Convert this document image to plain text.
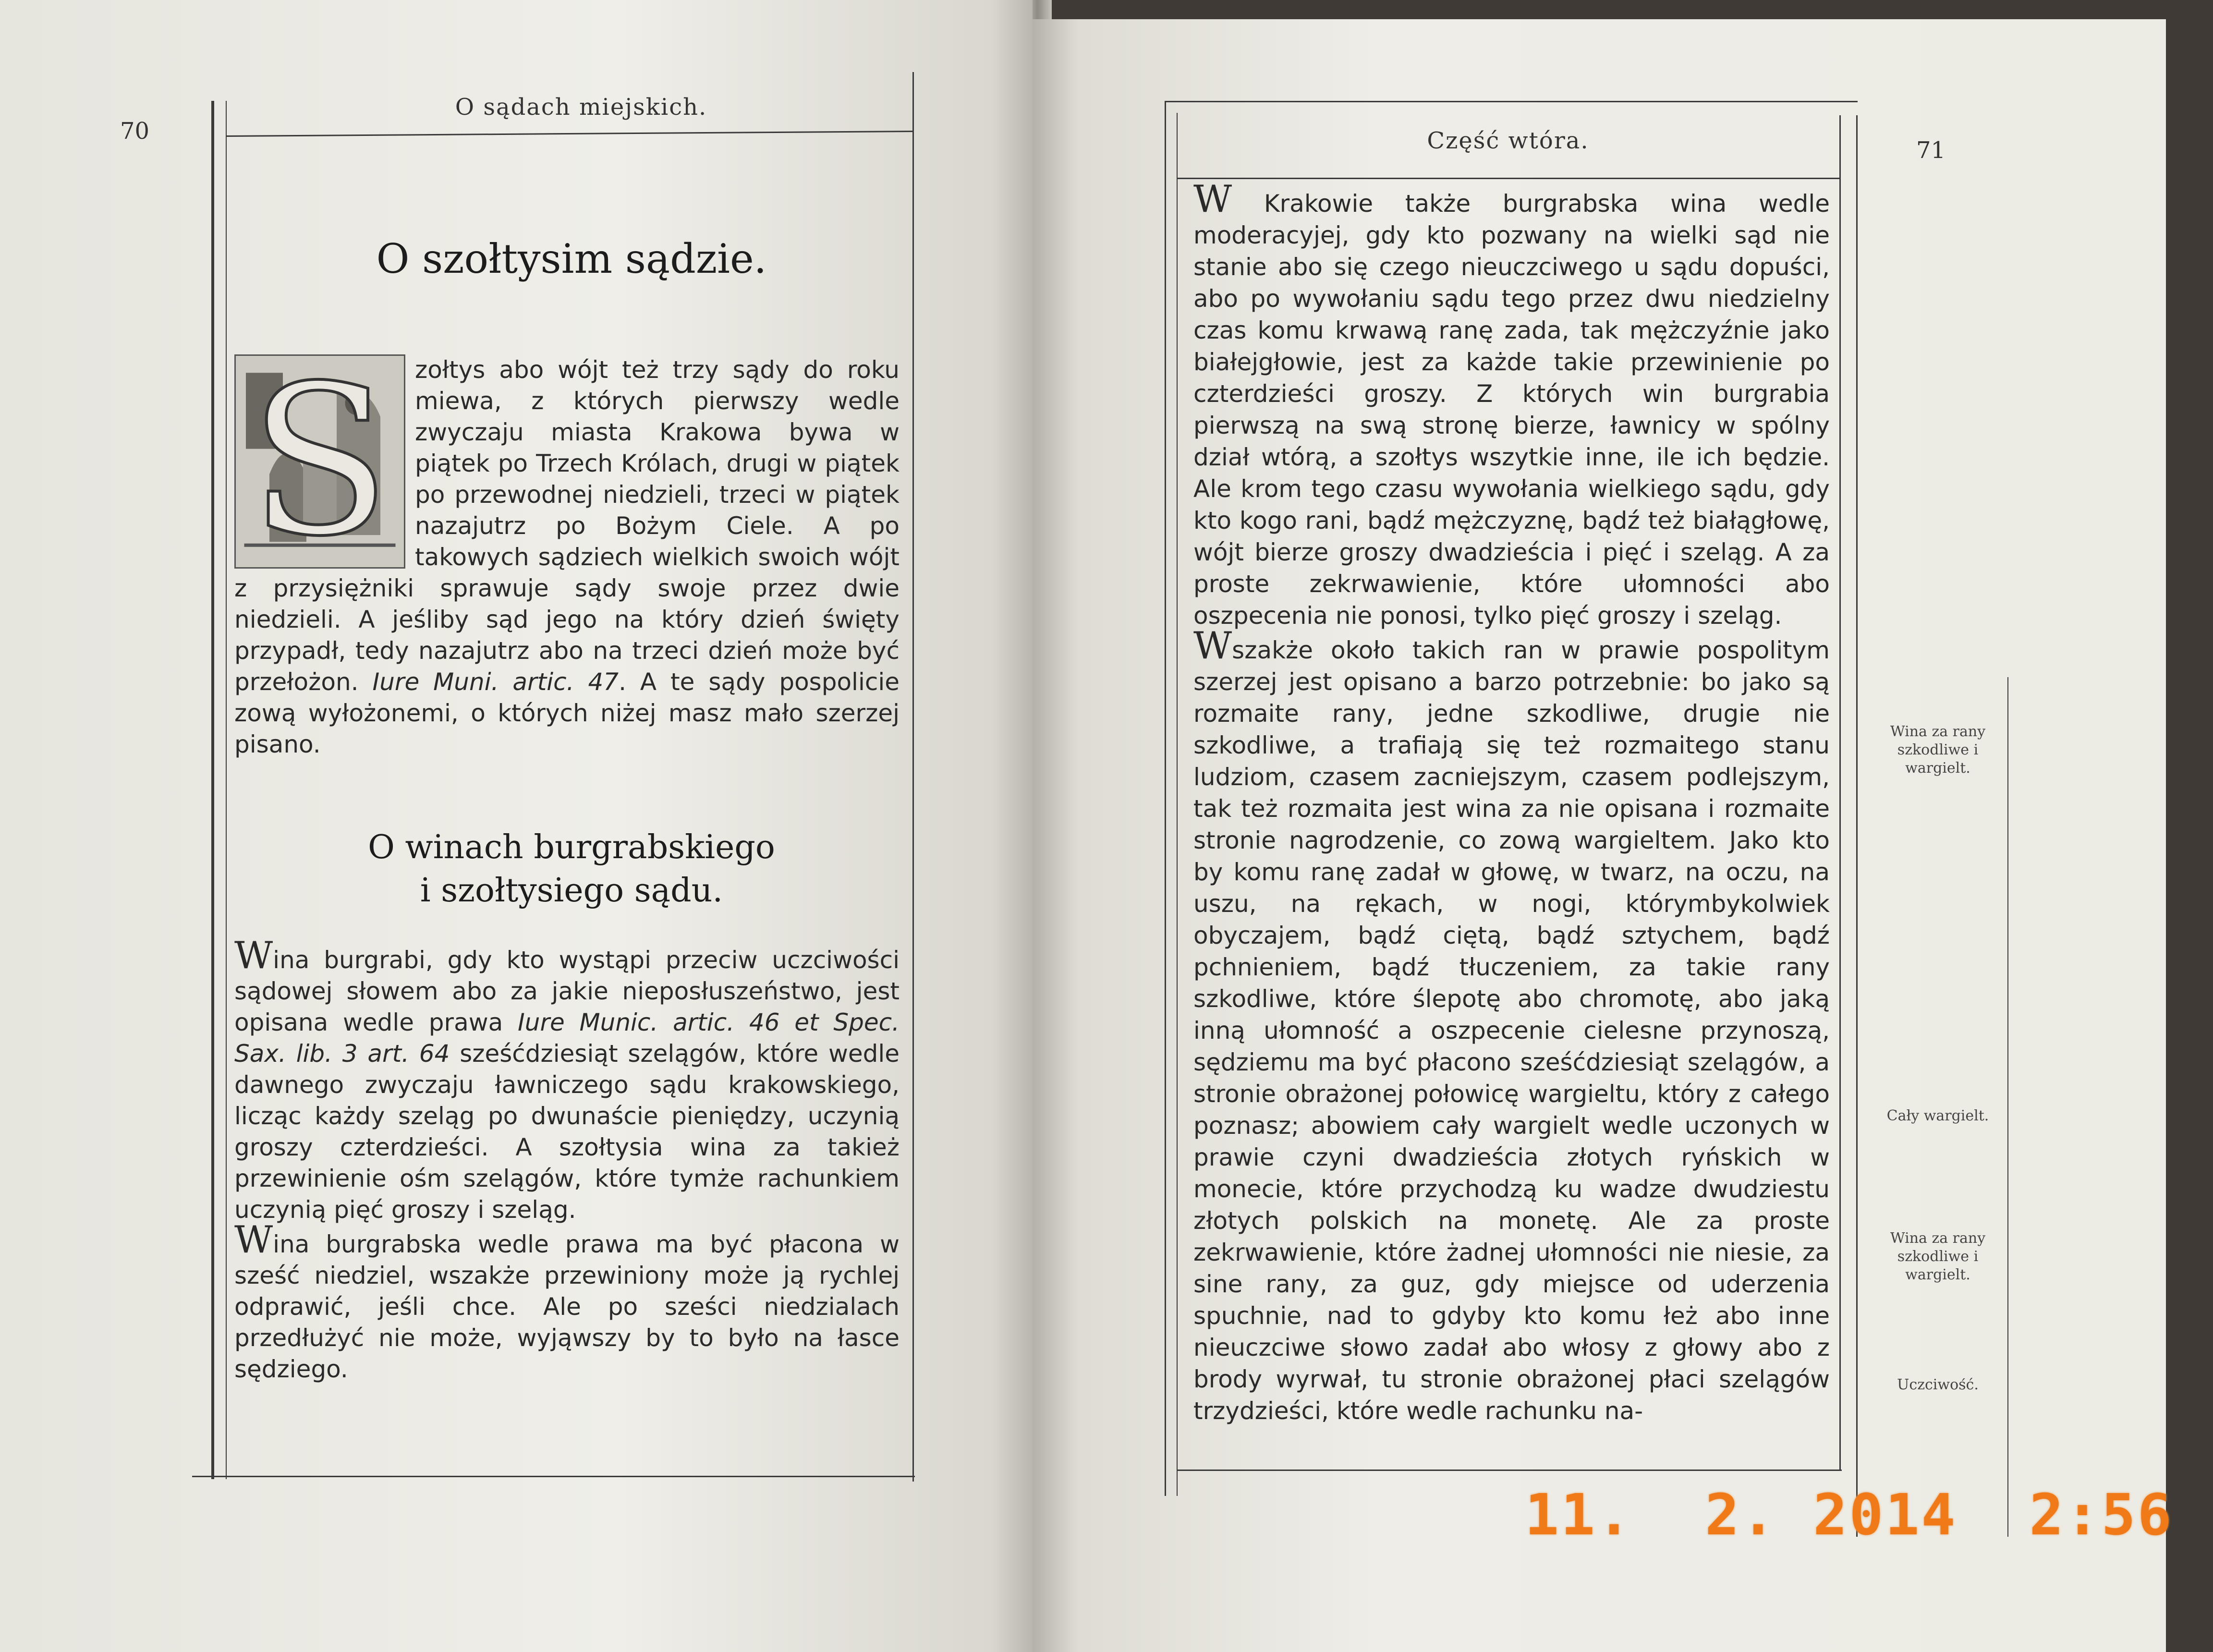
70
O sądach miejskich.
O szołtysim sądzie.

S	zołtys abo wójt też trzy sądy do roku miewa, z których pierwszy wedle zwyczaju miasta Krakowa bywa w piątek po Trzech Królach, drugi w piątek po przewodnej niedzieli, trzeci w piątek nazajutrz po Bożym Ciele. A po takowych sądziech wielkich swoich wójt z przysiężniki sprawuje sądy swoje przez dwie niedzieli. A jeśliby sąd jego na który dzień święty przypadł, tedy nazajutrz abo na trzeci dzień może być przełożon. Iure Muni. artic. 47. A te sądy pospolicie zową wyłożonemi, o których niżej masz mało szerzej pisano.

O winach burgrabskiego
i szołtysiego sądu.

Wina burgrabi, gdy kto wystąpi przeciw uczciwości sądowej słowem abo za jakie nieposłuszeństwo, jest opisana wedle prawa Iure Munic. artic. 46 et Spec. Sax. lib. 3 art. 64 sześćdziesiąt szelągów, które wedle dawnego zwyczaju ławniczego sądu krakowskiego, licząc każdy szeląg po dwunaście pieniędzy, uczynią groszy czterdzieści. A szołtysia wina za takież przewinienie ośm szelągów, które tymże rachunkiem uczynią pięć groszy i szeląg.

Wina burgrabska wedle prawa ma być płacona w sześć niedziel, wszakże przewiniony może ją rychlej odprawić, jeśli chce. Ale po sześci niedzialach przedłużyć nie może, wyjąwszy by to było na łasce sędziego.

71
Część wtóra.

W Krakowie także burgrabska wina wedle moderacyjej, gdy kto pozwany na wielki sąd nie stanie abo się czego nieuczciwego u sądu dopuści, abo po wywołaniu sądu tego przez dwu niedzielny czas komu krwawą ranę zada, tak mężczyźnie jako białejgłowie, jest za każde takie przewinienie po czterdzieści groszy. Z których win burgrabia pierwszą na swą stronę bierze, ławnicy w spólny dział wtórą, a szołtys wszytkie inne, ile ich będzie. Ale krom tego czasu wywołania wielkiego sądu, gdy kto kogo rani, bądź mężczyznę, bądź też białągłowę, wójt bierze groszy dwadzieścia i pięć i szeląg. A za proste zekrwawienie, które ułomności abo oszpecenia nie ponosi, tylko pięć groszy i szeląg.

Wszakże około takich ran w prawie pospolitym szerzej jest opisano a barzo potrzebnie: bo jako są rozmaite rany, jedne szkodliwe, drugie nie szkodliwe, a trafiają się też rozmaitego stanu ludziom, czasem zacniejszym, czasem podlejszym, tak też rozmaita jest wina za nie opisana i rozmaite stronie nagrodzenie, co zową wargieltem. Jako kto by komu ranę zadał w głowę, w twarz, na oczu, na uszu, na rękach, w nogi, którymbykolwiek obyczajem, bądź ciętą, bądź sztychem, bądź pchnieniem, bądź tłuczeniem, za takie rany szkodliwe, które ślepotę abo chromotę, abo jaką inną ułomność a oszpecenie cielesne przynoszą, sędziemu ma być płacono sześćdziesiąt szelągów, a stronie obrażonej połowicę wargieltu, który z całego poznasz; abowiem cały wargielt wedle uczonych w prawie czyni dwadzieścia złotych ryńskich w monecie, które przychodzą ku wadze dwudziestu złotych polskich na monetę. Ale za proste zekrwawienie, które żadnej ułomności nie niesie, za sine rany, za guz, gdy miejsce od uderzenia spuchnie, nad to gdyby kto komu łeż abo inne nieuczciwe słowo zadał abo włosy z głowy abo z brody wyrwał, tu stronie obrażonej płaci szelągów trzydzieści, które wedle rachunku na-

Wina za rany szkodliwe i wargielt.
Cały wargielt.
Wina za rany szkodliwe i wargielt.
Uczciwość.
11.  2. 2014 2:56
